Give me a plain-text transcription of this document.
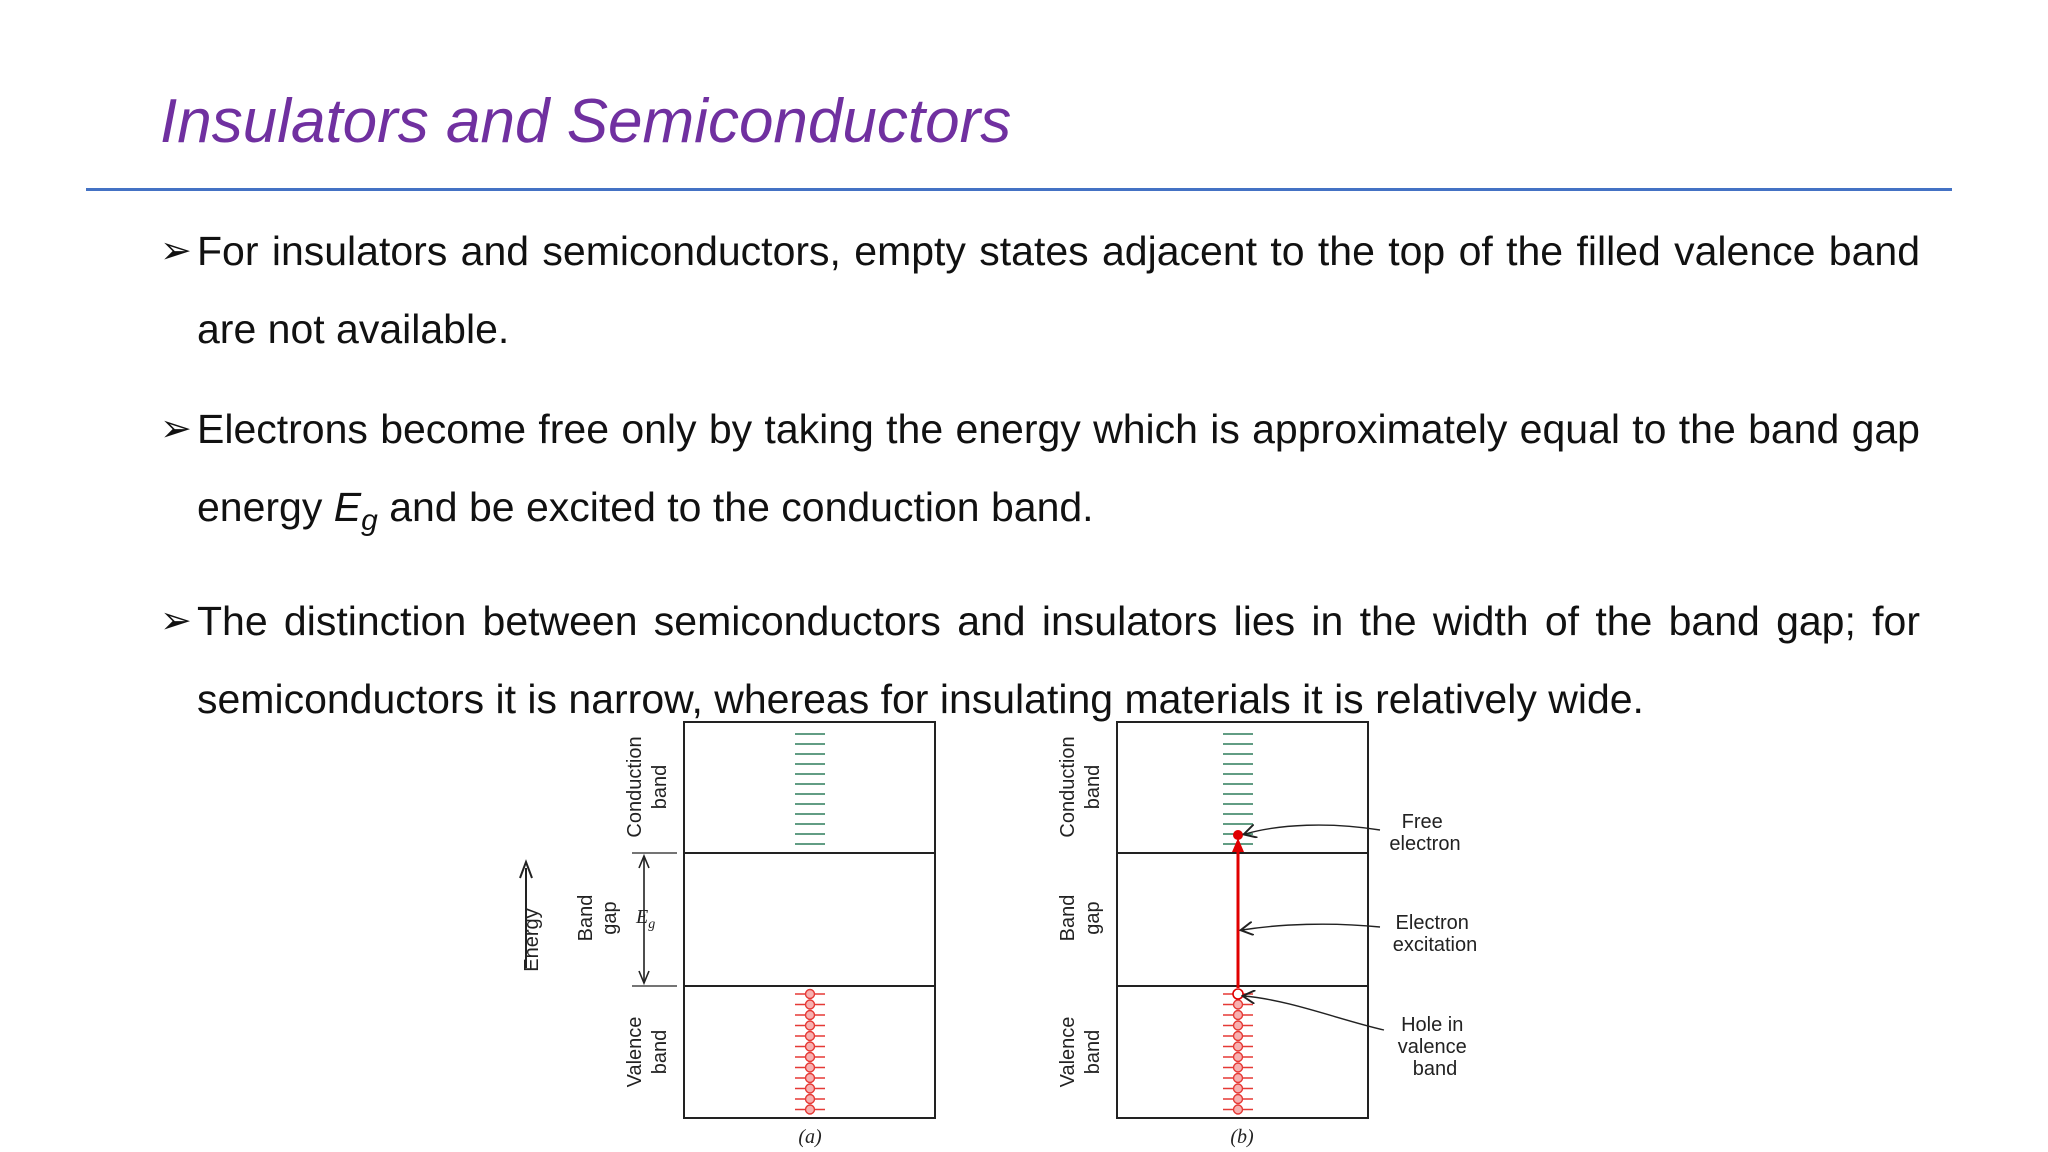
Insulators and Semiconductors
➢ For insulators and semiconductors, empty states adjacent to the top of the filled valence band are not available.
➢ Electrons become free only by taking the energy which is approximately equal to the band gap energy $E_g$ and be excited to the conduction band.
➢ The distinction between semiconductors and insulators lies in the width of the band gap; for semiconductors it is narrow, whereas for insulating materials it is relatively wide.
Energy
Conduction band
Band gap $E_g$
Valence band
(a)
Conduction band
Band gap
Valence band
Free electron
Electron excitation
Hole in valence band
(b)
